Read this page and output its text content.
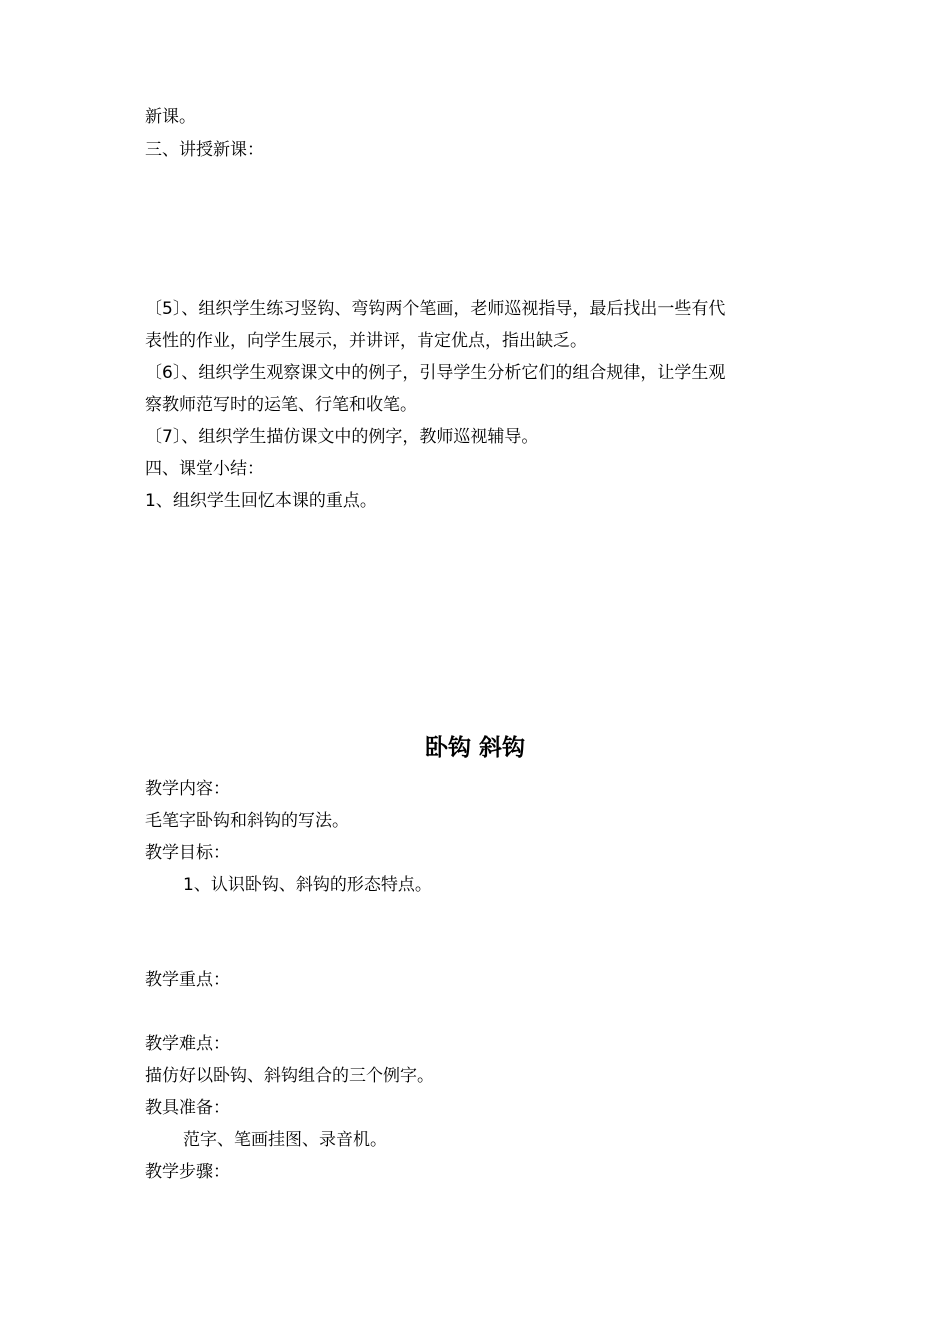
新课。
三、讲授新课：
〔5〕、组织学生练习竖钩、弯钩两个笔画，老师巡视指导，最后找出一些有代
表性的作业，向学生展示，并讲评，肯定优点，指出缺乏。
〔6〕、组织学生观察课文中的例子，引导学生分析它们的组合规律，让学生观
察教师范写时的运笔、行笔和收笔。
〔7〕、组织学生描仿课文中的例字，教师巡视辅导。
四、课堂小结：
1、组织学生回忆本课的重点。
卧钩 斜钩
教学内容：
毛笔字卧钩和斜钩的写法。
教学目标：
1、认识卧钩、斜钩的形态特点。
教学重点：
教学难点：
描仿好以卧钩、斜钩组合的三个例字。
教具准备：
范字、笔画挂图、录音机。
教学步骤：
